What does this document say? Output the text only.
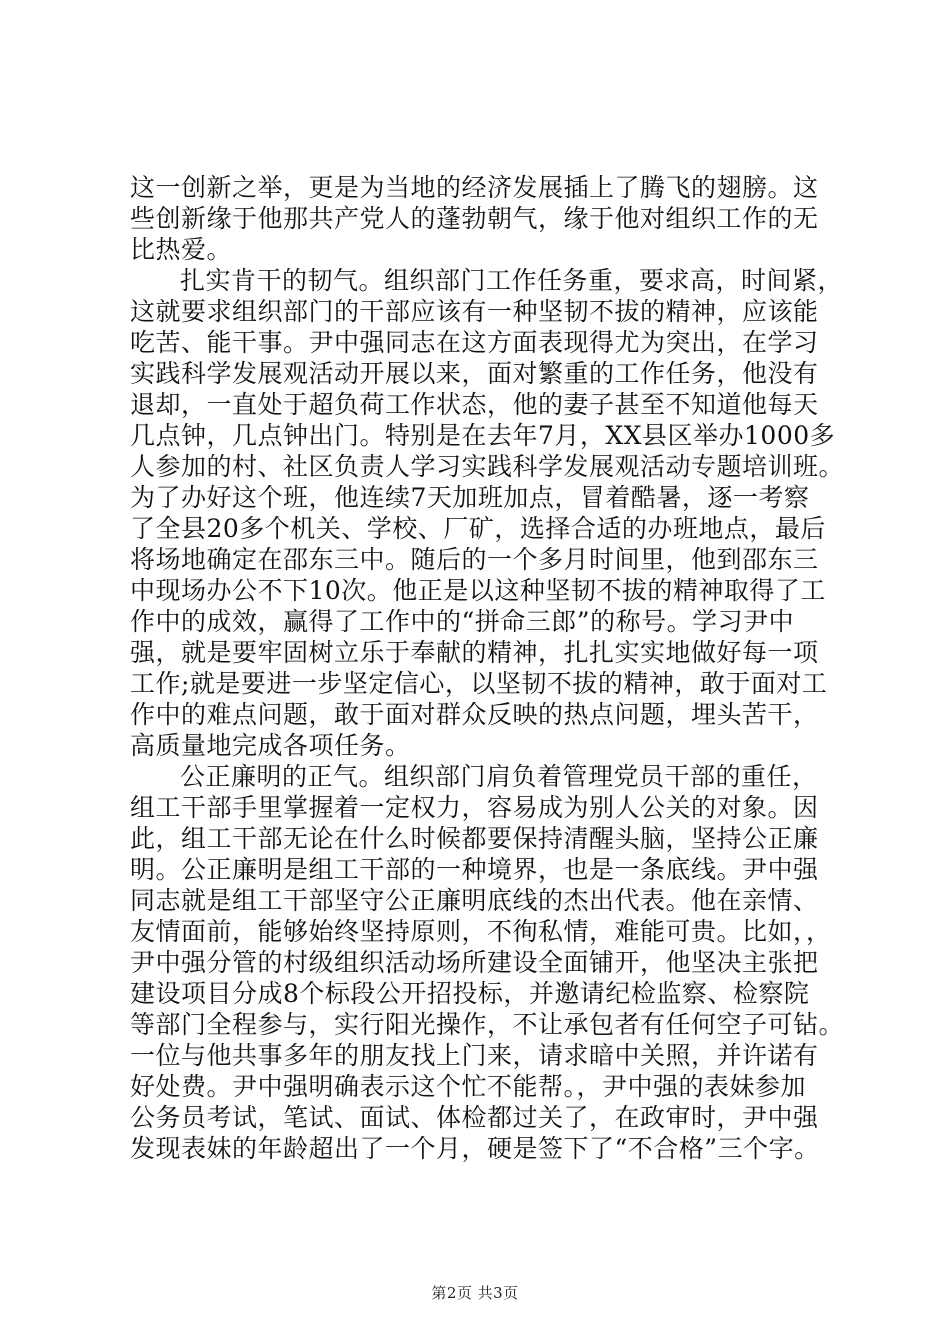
这一创新之举，更是为当地的经济发展插上了腾飞的翅膀。这
些创新缘于他那共产党人的蓬勃朝气，缘于他对组织工作的无
比热爱。
扎实肯干的韧气。组织部门工作任务重，要求高，时间紧，
这就要求组织部门的干部应该有一种坚韧不拔的精神，应该能
吃苦、能干事。尹中强同志在这方面表现得尤为突出，在学习
实践科学发展观活动开展以来，面对繁重的工作任务，他没有
退却，一直处于超负荷工作状态，他的妻子甚至不知道他每天
几点钟，几点钟出门。特别是在去年7月，XX县区举办1000多
人参加的村、社区负责人学习实践科学发展观活动专题培训班。
为了办好这个班，他连续7天加班加点，冒着酷暑，逐一考察
了全县20多个机关、学校、厂矿，选择合适的办班地点，最后
将场地确定在邵东三中。随后的一个多月时间里，他到邵东三
中现场办公不下10次。他正是以这种坚韧不拔的精神取得了工
作中的成效，赢得了工作中的“拼命三郎”的称号。学习尹中
强，就是要牢固树立乐于奉献的精神，扎扎实实地做好每一项
工作;就是要进一步坚定信心，以坚韧不拔的精神，敢于面对工
作中的难点问题，敢于面对群众反映的热点问题，埋头苦干，
高质量地完成各项任务。
公正廉明的正气。组织部门肩负着管理党员干部的重任，
组工干部手里掌握着一定权力，容易成为别人公关的对象。因
此，组工干部无论在什么时候都要保持清醒头脑，坚持公正廉
明。公正廉明是组工干部的一种境界，也是一条底线。尹中强
同志就是组工干部坚守公正廉明底线的杰出代表。他在亲情、
友情面前，能够始终坚持原则，不徇私情，难能可贵。比如，，
尹中强分管的村级组织活动场所建设全面铺开，他坚决主张把
建设项目分成8个标段公开招投标，并邀请纪检监察、检察院
等部门全程参与，实行阳光操作，不让承包者有任何空子可钻。
一位与他共事多年的朋友找上门来，请求暗中关照，并许诺有
好处费。尹中强明确表示这个忙不能帮。，尹中强的表妹参加
公务员考试，笔试、面试、体检都过关了，在政审时，尹中强
发现表妹的年龄超出了一个月，硬是签下了“不合格”三个字。
第2页 共3页
